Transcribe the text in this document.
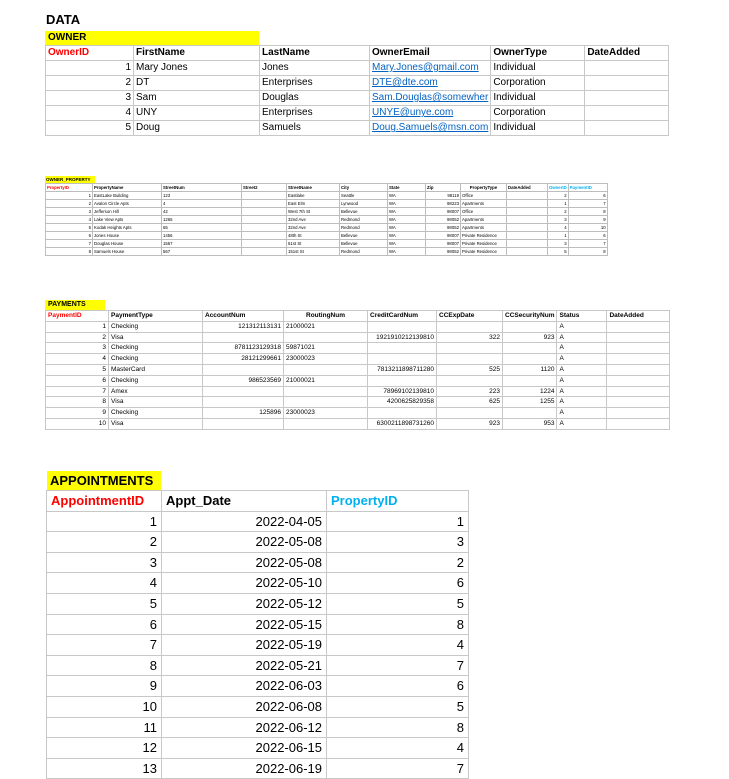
DATA
OWNER
OwnerID	FirstName	LastName	OwnerEmail	OwnerType	DateAdded
1	Mary Jones	Jones	Mary.Jones@gmail.com	Individual	
2	DT	Enterprises	DTE@dte.com	Corporation	
3	Sam	Douglas	Sam.Douglas@somewher	Individual	
4	UNY	Enterprises	UNYE@unye.com	Corporation	
5	Doug	Samuels	Doug.Samuels@msn.com	Individual	
OWNER_PROPERTY
PropertyID	PropertyName	StreetNum	Street2	StreetName	City	State	Zip	PropertyType	DateAdded	OwnerID	PaymentID
1	EastLake Building	123		Eastlake	Seattle	WA	98119	Office		2	6
2	Avalon Circle Apts	4		East Elm	Lynwood	WA	98223	Apartments		1	7
3	Jefferson Hill	42		West 7th St	Bellevue	WA	98007	Office		2	8
4	Lake View Apts	1265		32nd Ave	Redmond	WA	98052	Apartments		3	9
5	Kodak Heights Apts	65		32nd Ave	Redmond	WA	98052	Apartments		4	10
6	Jones House	1456		48th St	Bellevue	WA	98007	Private Residence		1	6
7	Douglas House	1567		51st St	Bellevue	WA	98007	Private Residence		3	7
8	Samuels House	567		151st St	Redmond	WA	98052	Private Residence		5	8
PAYMENTS
PaymentID	PaymentType	AccountNum	RoutingNum	CreditCardNum	CCExpDate	CCSecurityNum	Status	DateAdded
1	Checking	121312113131	21000021				A	
2	Visa			1921910212139810	322	923	A	
3	Checking	8781123129318	59871021				A	
4	Checking	28121299661	23000023				A	
5	MasterCard			7813211898711280	525	1120	A	
6	Checking	986523569	21000021				A	
7	Amex			78969102139810	223	1224	A	
8	Visa			4200625829358	625	1255	A	
9	Checking	125896	23000023				A	
10	Visa			6300211898731260	923	953	A	
APPOINTMENTS
AppointmentID	Appt_Date	PropertyID
1	2022-04-05	1
2	2022-05-08	3
3	2022-05-08	2
4	2022-05-10	6
5	2022-05-12	5
6	2022-05-15	8
7	2022-05-19	4
8	2022-05-21	7
9	2022-06-03	6
10	2022-06-08	5
11	2022-06-12	8
12	2022-06-15	4
13	2022-06-19	7
